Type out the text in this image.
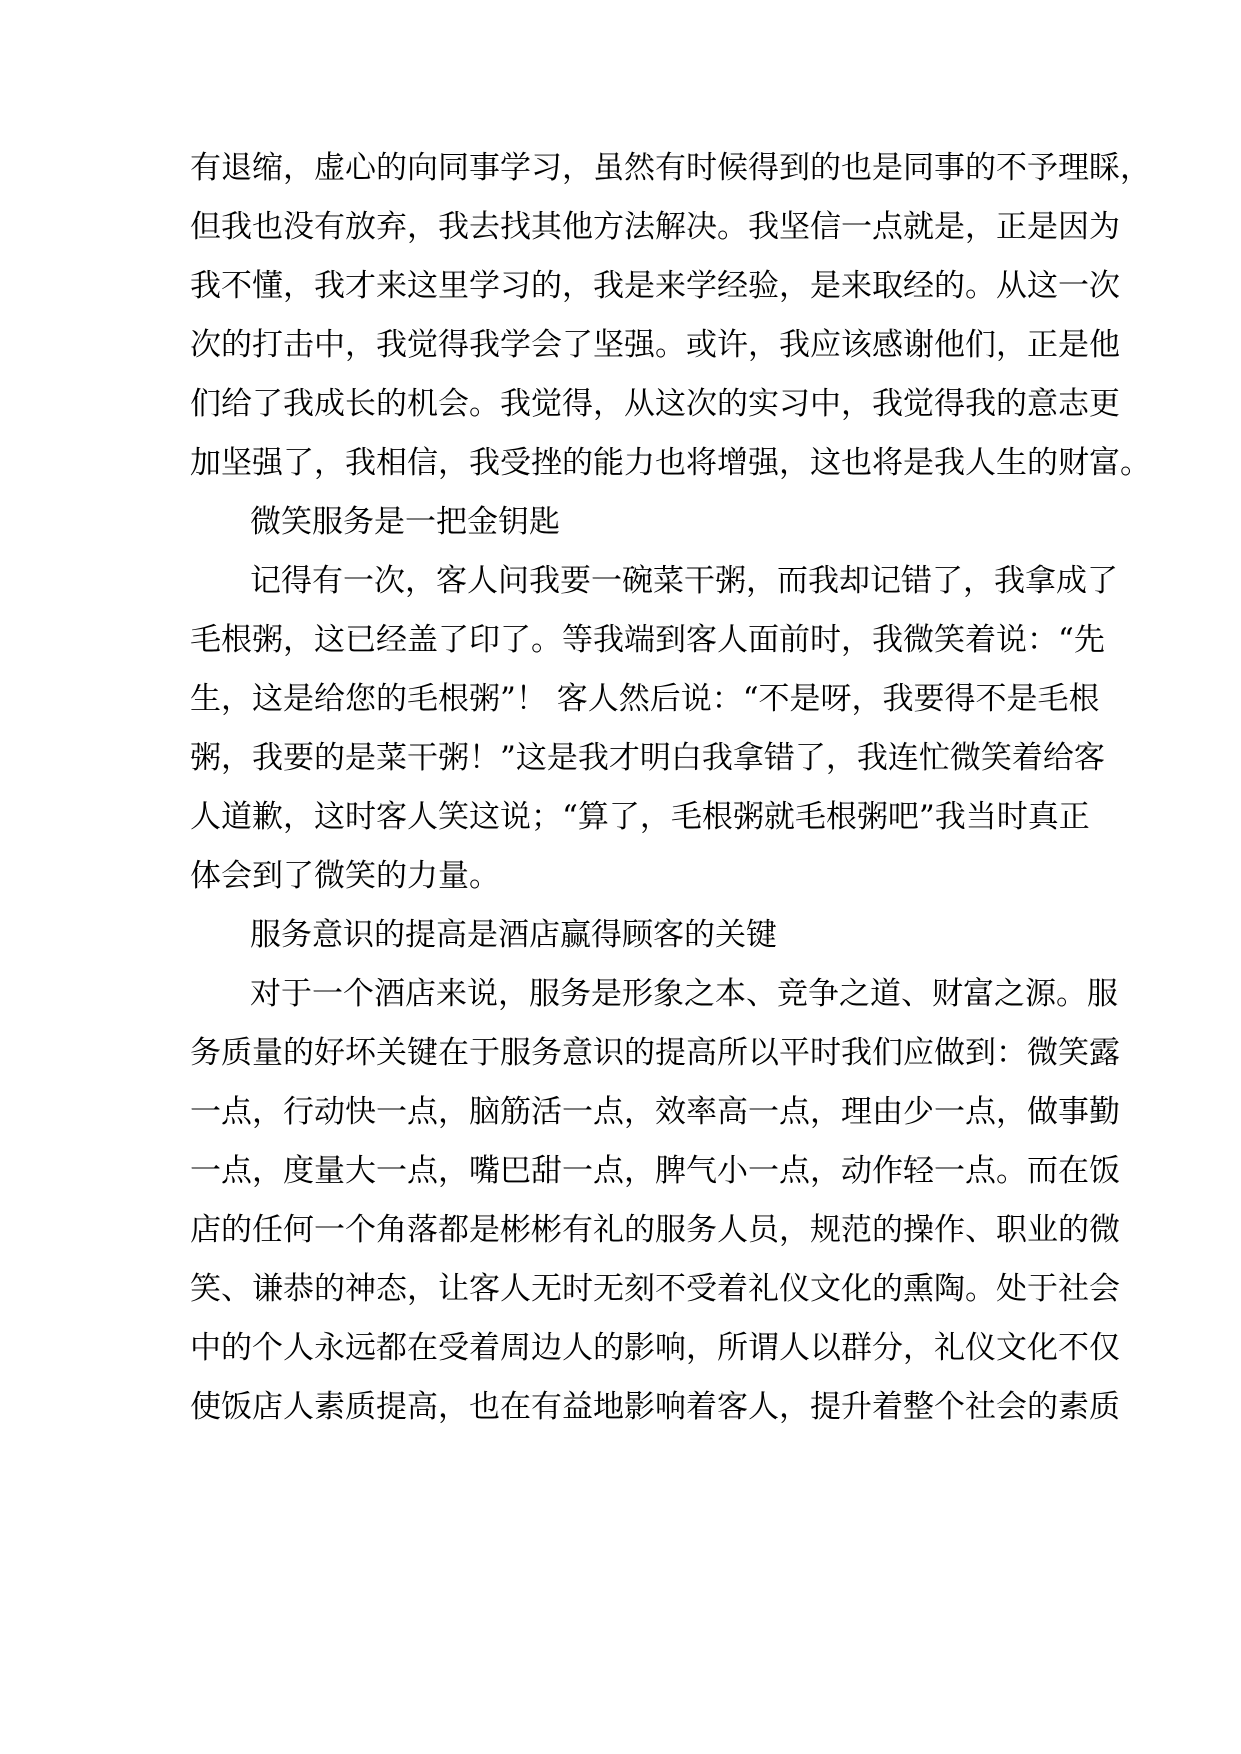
有退缩，虚心的向同事学习，虽然有时候得到的也是同事的不予理睬，
但我也没有放弃，我去找其他方法解决。我坚信一点就是，正是因为
我不懂，我才来这里学习的，我是来学经验，是来取经的。从这一次
次的打击中，我觉得我学会了坚强。或许，我应该感谢他们，正是他
们给了我成长的机会。我觉得，从这次的实习中，我觉得我的意志更
加坚强了，我相信，我受挫的能力也将增强，这也将是我人生的财富。
微笑服务是一把金钥匙
记得有一次，客人问我要一碗菜干粥，而我却记错了，我拿成了
毛根粥，这已经盖了印了。等我端到客人面前时，我微笑着说：“先
生，这是给您的毛根粥”！ 客人然后说：“不是呀，我要得不是毛根
粥，我要的是菜干粥！”这是我才明白我拿错了，我连忙微笑着给客
人道歉，这时客人笑这说；“算了，毛根粥就毛根粥吧”我当时真正
体会到了微笑的力量。
服务意识的提高是酒店赢得顾客的关键
对于一个酒店来说，服务是形象之本、竞争之道、财富之源。服
务质量的好坏关键在于服务意识的提高所以平时我们应做到：微笑露
一点，行动快一点，脑筋活一点，效率高一点，理由少一点，做事勤
一点，度量大一点，嘴巴甜一点，脾气小一点，动作轻一点。而在饭
店的任何一个角落都是彬彬有礼的服务人员，规范的操作、职业的微
笑、谦恭的神态，让客人无时无刻不受着礼仪文化的熏陶。处于社会
中的个人永远都在受着周边人的影响，所谓人以群分，礼仪文化不仅
使饭店人素质提高，也在有益地影响着客人，提升着整个社会的素质
